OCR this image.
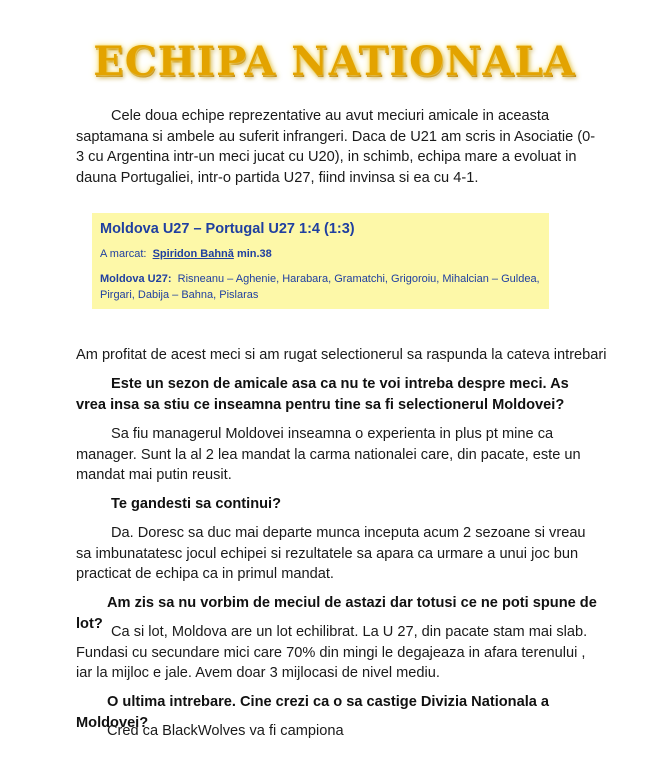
ECHIPA NATIONALA
Cele doua echipe reprezentative au avut meciuri amicale in aceasta saptamana si ambele au suferit infrangeri. Daca de U21 am scris in Asociatie (0-3 cu Argentina intr-un meci jucat cu U20), in schimb, echipa mare a evoluat in dauna Portugaliei, intr-o partida U27, fiind invinsa si ea cu 4-1.
Moldova U27 – Portugal U27 1:4 (1:3)
A marcat: Spiridon Bahnă min.38
Moldova U27: Risneanu – Aghenie, Harabara, Gramatchi, Grigoroiu, Mihalcian – Guldea, Pirgari, Dabija – Bahna, Pislaras
Am profitat de acest meci si am rugat selectionerul sa raspunda la cateva intrebari
Este un sezon de amicale asa ca nu te voi intreba despre meci. As vrea insa sa stiu ce inseamna pentru tine sa fi selectionerul Moldovei?
Sa fiu managerul Moldovei inseamna o experienta in plus pt mine ca manager. Sunt la al 2 lea mandat la carma nationalei care, din pacate, este un mandat mai putin reusit.
Te gandesti sa continui?
Da. Doresc sa duc mai departe munca inceputa acum 2 sezoane si vreau sa imbunatatesc jocul echipei si rezultatele sa apara ca urmare a unui joc bun practicat de echipa ca in primul mandat.
Am zis sa nu vorbim de meciul de astazi dar totusi ce ne poti spune de lot?
Ca si lot, Moldova are un lot echilibrat. La U 27, din pacate stam mai slab. Fundasi cu secundare mici care 70% din mingi le degajeaza in afara terenului , iar la mijloc e jale. Avem doar 3 mijlocasi de nivel mediu.
O ultima intrebare. Cine crezi ca o sa castige Divizia Nationala a Moldovei?
Cred ca BlackWolves va fi campiona
